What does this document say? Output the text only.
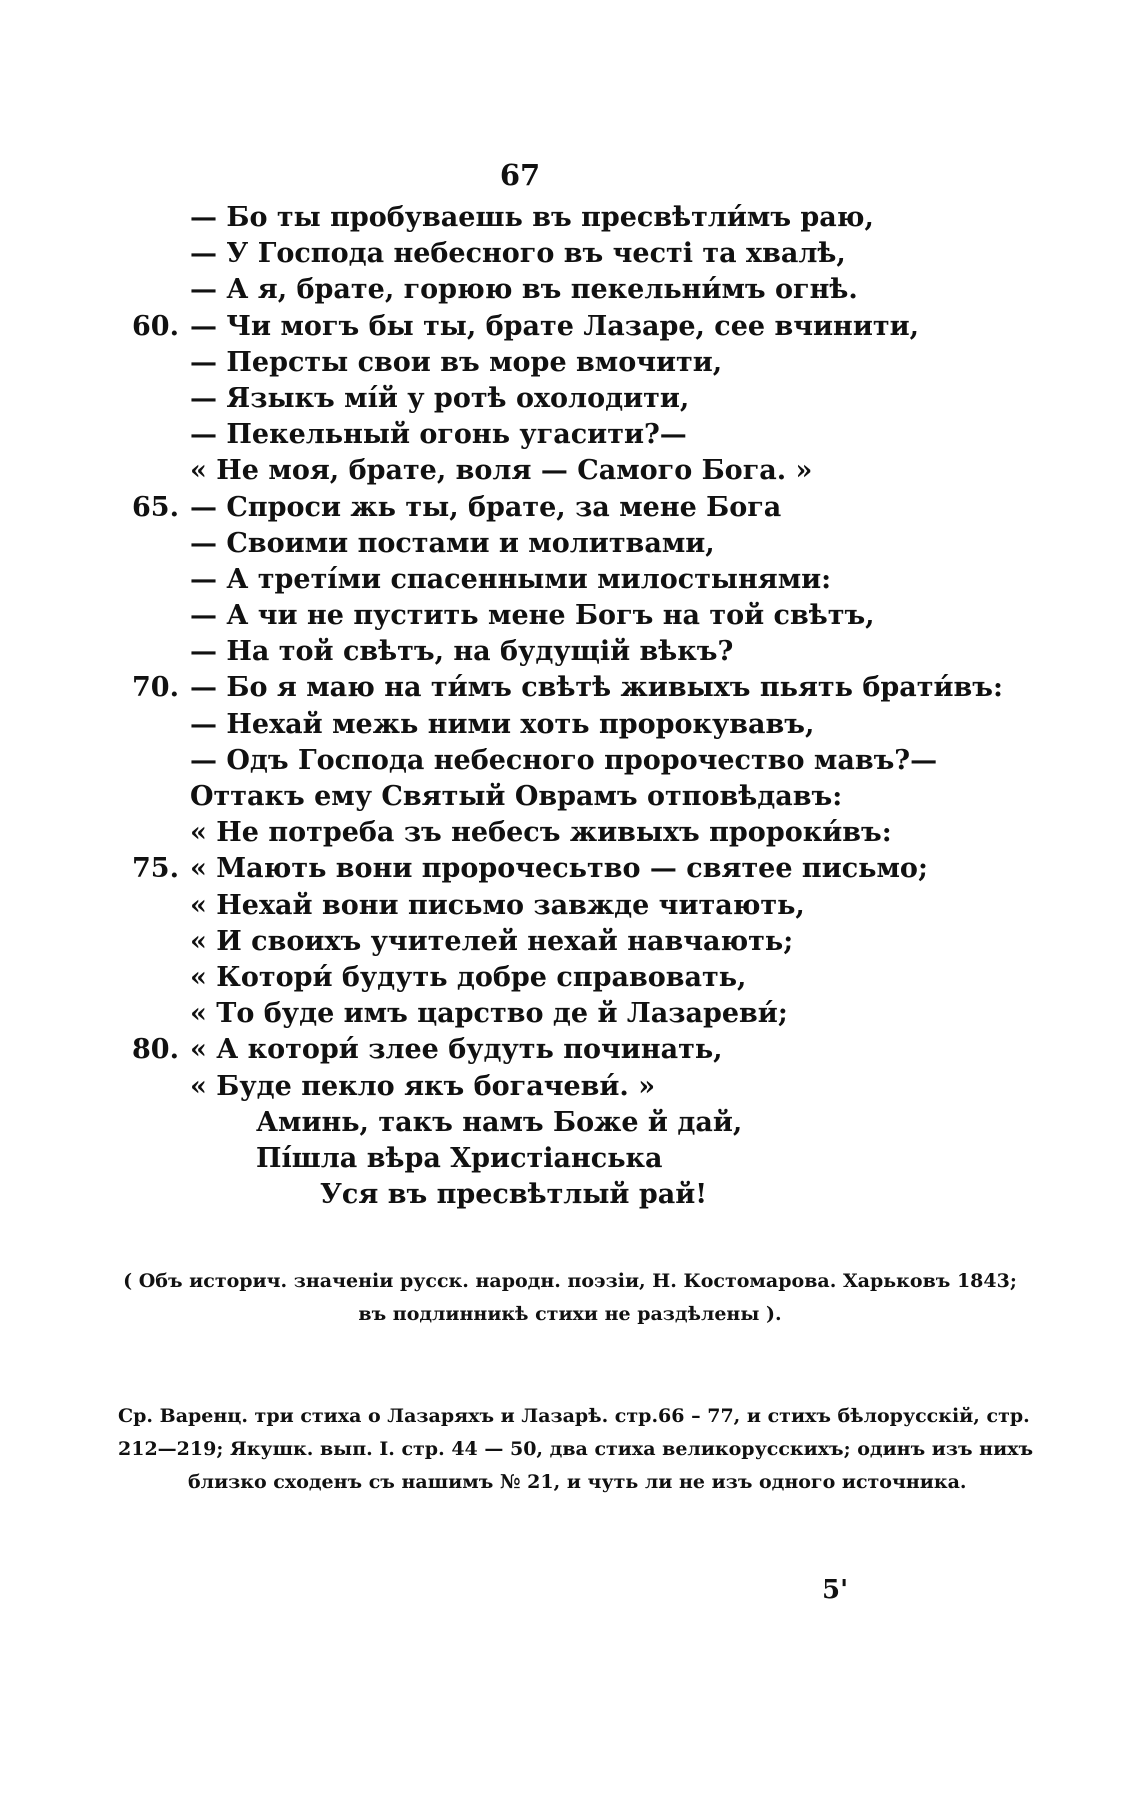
67
— Бо ты пробуваешь въ пресвѣтли́мъ раю,
— У Господа небесного въ честі та хвалѣ,
— А я, брате, горюю въ пекельни́мъ огнѣ.
60. — Чи могъ бы ты, брате Лазаре, сее вчинити,
— Персты свои въ море вмочити,
— Языкъ мі́й у ротѣ охолодити,
— Пекельный огонь угасити?—
« Не моя, брате, воля — Самого Бога. »
65. — Спроси жь ты, брате, за мене Бога
— Своими постами и молитвами,
— А треті́ми спасенными милостынями:
— А чи не пустить мене Богъ на той свѣтъ,
— На той свѣтъ, на будущій вѣкъ?
70. — Бо я маю на ти́мъ свѣтѣ живыхъ пьять брати́въ:
— Нехай межь ними хоть пророкувавъ,
— Одъ Господа небесного пророчество мавъ?—
Оттакъ ему Святый Оврамъ отповѣдавъ:
« Не потреба зъ небесъ живыхъ пророки́въ:
75. « Мають вони пророчесьтво — святее письмо;
« Нехай вони письмо завжде читають,
« И своихъ учителей нехай навчають;
« Котори́ будуть добре справовать,
« То буде имъ царство де й Лазареви́;
80. « А котори́ злее будуть починать,
« Буде пекло якъ богачеви́. »
Аминь, такъ намъ Боже й дай,
Пі́шла вѣра Христіанська
Уся въ пресвѣтлый рай!
( Объ историч. значеніи русск. народн. поэзіи, Н. Костомарова. Харьковъ 1843;
въ подлинникѣ стихи не раздѣлены ).
Ср. Варенц. три стиха о Лазаряхъ и Лазарѣ. стр.66 – 77, и стихъ бѣлорусскій, стр.
212—219; Якушк. вып. І. стр. 44 — 50, два стиха великорусскихъ; одинъ изъ нихъ
близко сходенъ съ нашимъ № 21, и чуть ли не изъ одного источника.
5'
